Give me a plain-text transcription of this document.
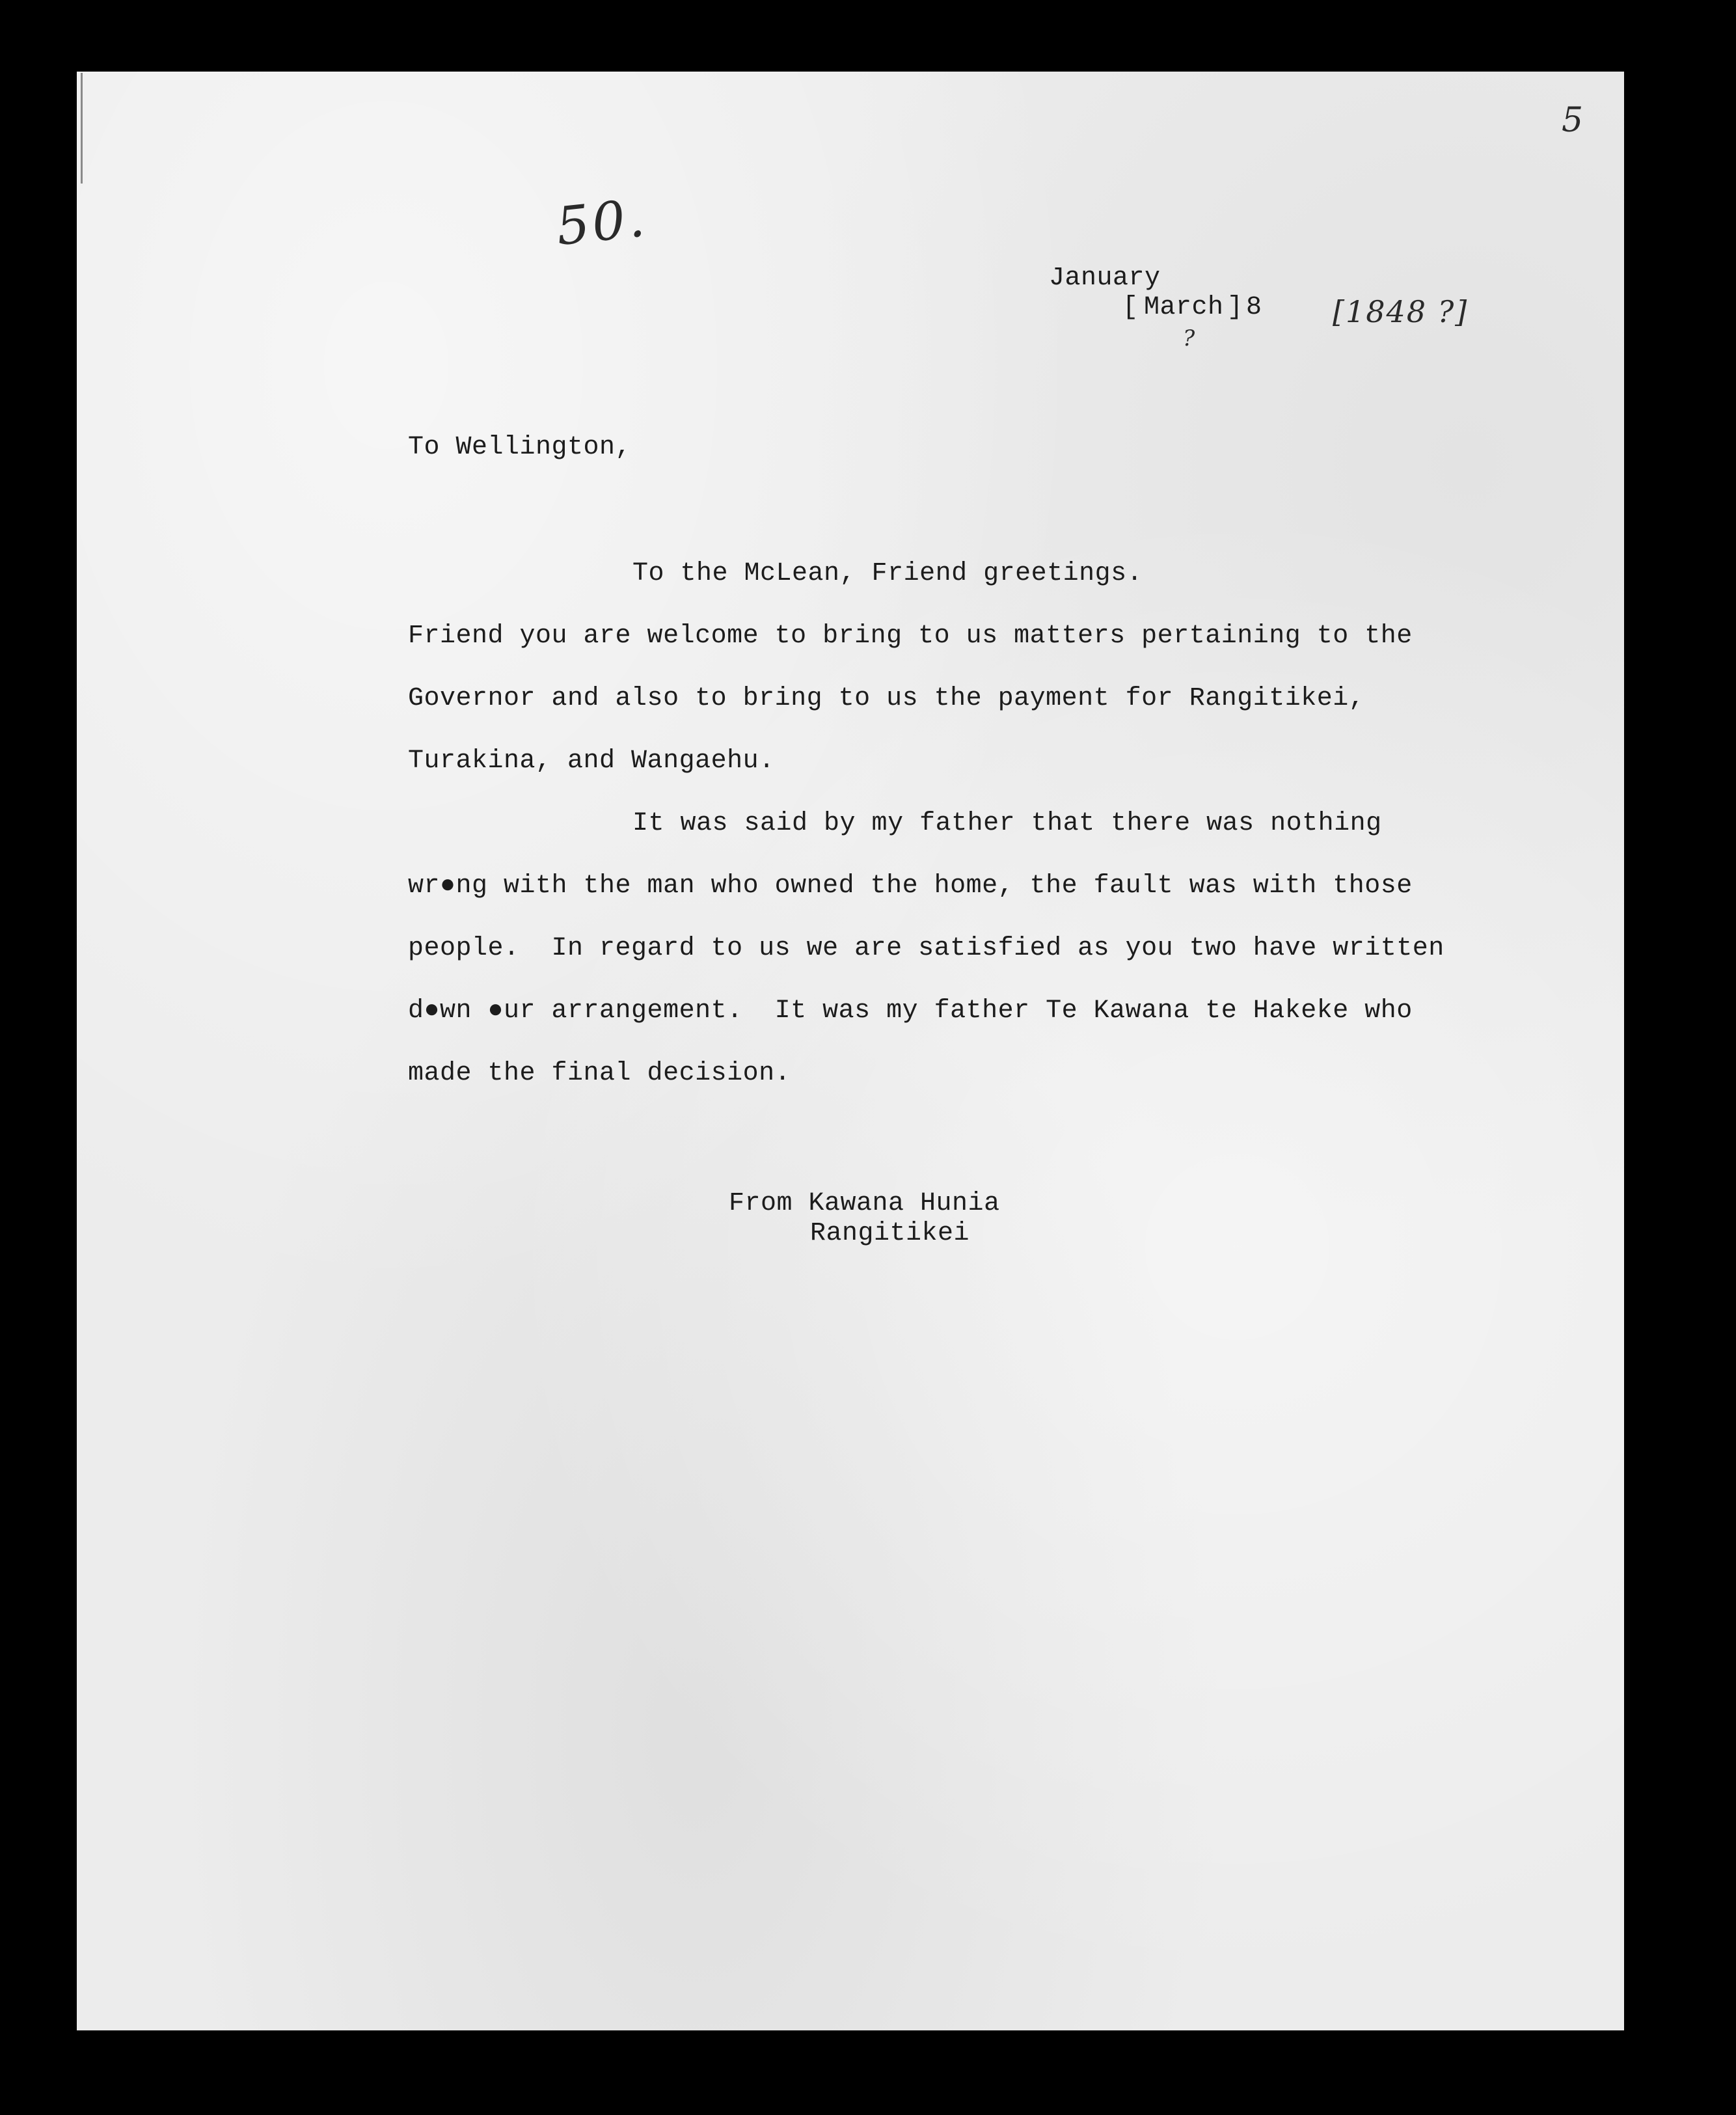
5
50.
January
[ March ] 8
?
[1848 ?]
To Wellington,
To the McLean, Friend greetings.
Friend you are welcome to bring to us matters pertaining to the
Governor and also to bring to us the payment for Rangitikei,
Turakina, and Wangaehu.
It was said by my father that there was nothing
wr●ng with the man who owned the home, the fault was with those
people.  In regard to us we are satisfied as you two have written
d●wn ●ur arrangement.  It was my father Te Kawana te Hakeke who
made the final decision.
From Kawana Hunia
Rangitikei
